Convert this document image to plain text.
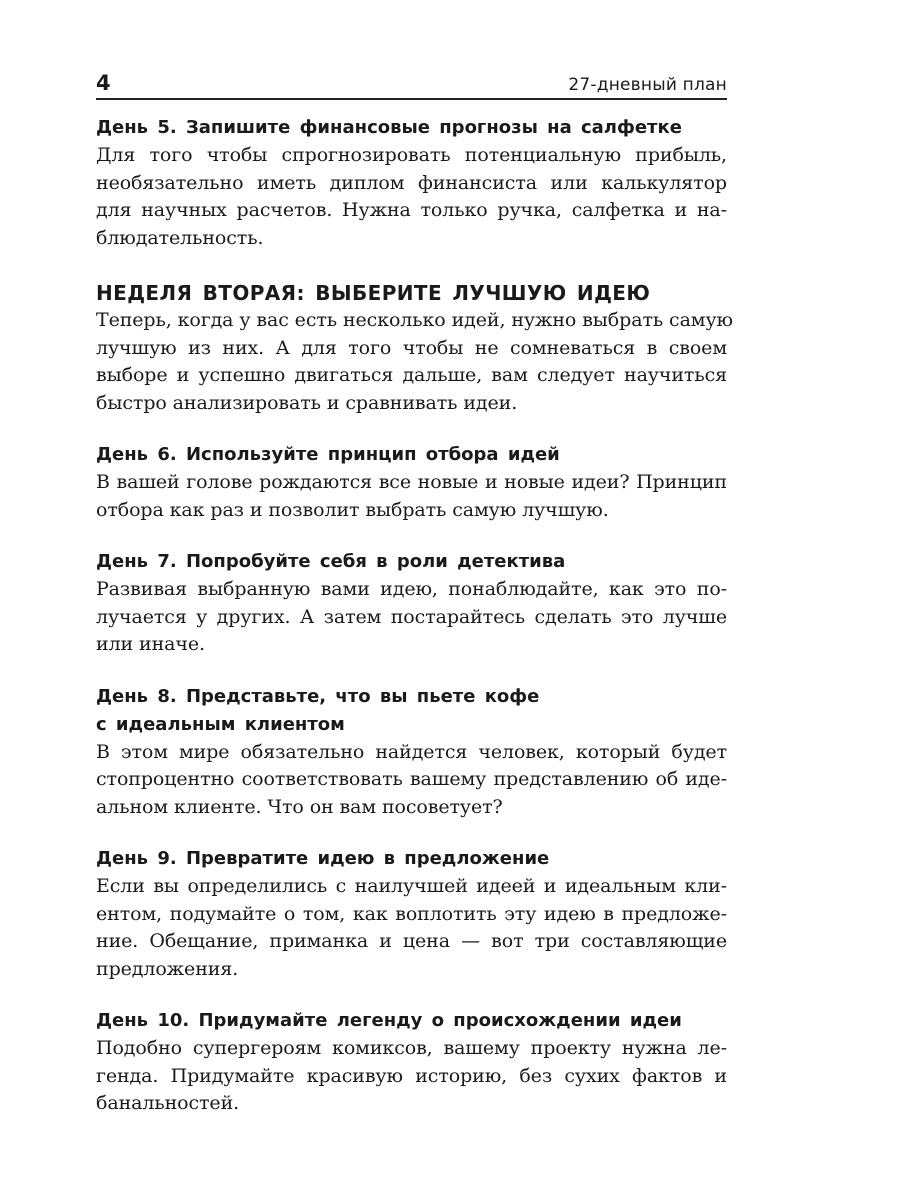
4	27-дневный план
День 5. Запишите финансовые прогнозы на салфетке

Для того чтобы спрогнозировать потенциальную прибыль,
необязательно иметь диплом финансиста или калькулятор
для научных расчетов. Нужна только ручка, салфетка и на-
блюдательность.

НЕДЕЛЯ ВТОРАЯ: ВЫБЕРИТЕ ЛУЧШУЮ ИДЕЮ

Теперь, когда у вас есть несколько идей, нужно выбрать самую
лучшую из них. А для того чтобы не сомневаться в своем
выборе и успешно двигаться дальше, вам следует научиться
быстро анализировать и сравнивать идеи.

День 6. Используйте принцип отбора идей

В вашей голове рождаются все новые и новые идеи? Принцип
отбора как раз и позволит выбрать самую лучшую.

День 7. Попробуйте себя в роли детектива

Развивая выбранную вами идею, понаблюдайте, как это по-
лучается у других. А затем постарайтесь сделать это лучше
или иначе.

День 8. Представьте, что вы пьете кофе
с идеальным клиентом

В этом мире обязательно найдется человек, который будет
стопроцентно соответствовать вашему представлению об иде-
альном клиенте. Что он вам посоветует?

День 9. Превратите идею в предложение

Если вы определились с наилучшей идеей и идеальным кли-
ентом, подумайте о том, как воплотить эту идею в предложе-
ние. Обещание, приманка и цена — вот три составляющие
предложения.

День 10. Придумайте легенду о происхождении идеи

Подобно супергероям комиксов, вашему проекту нужна ле-
генда. Придумайте красивую историю, без сухих фактов и
банальностей.
